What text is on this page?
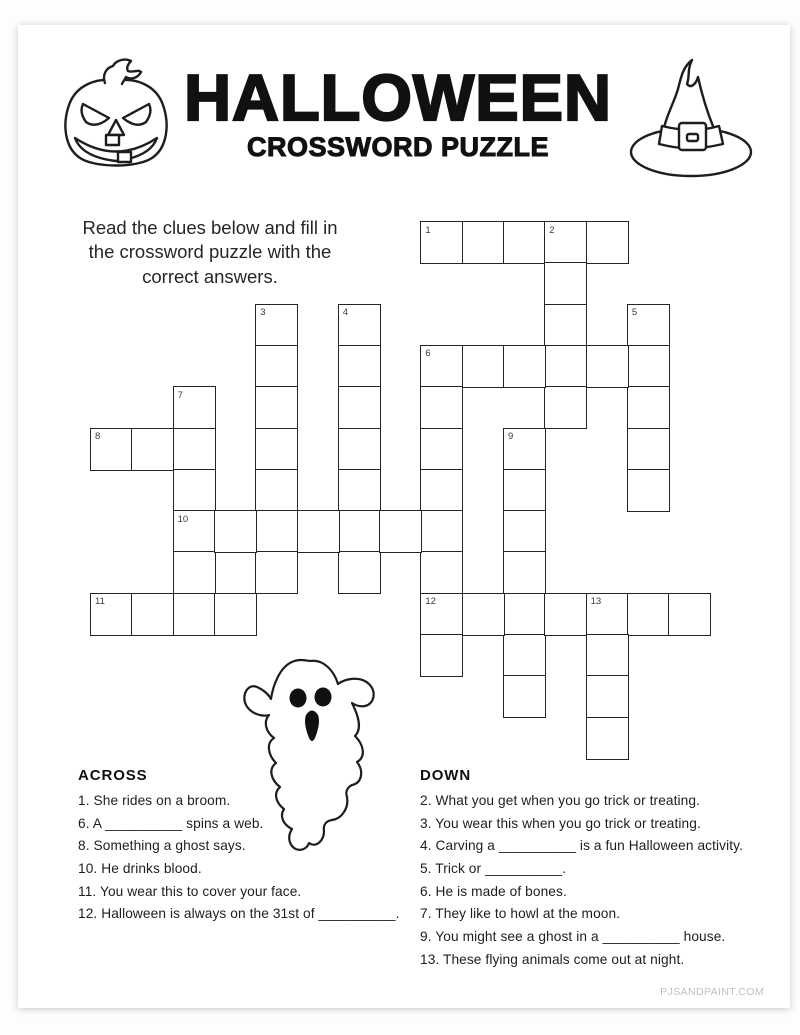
HALLOWEEN
CROSSWORD PUZZLE

Read the clues below and fill in
the crossword puzzle with the
correct answers.

1	2
3	4	5
6
7
8	9
10
11	12	13
ACROSS
1. She rides on a broom.
6. A __________ spins a web.
8. Something a ghost says.
10. He drinks blood.
11. You wear this to cover your face.
12. Halloween is always on the 31st of __________.
DOWN
2. What you get when you go trick or treating.
3. You wear this when you go trick or treating.
4. Carving a __________ is a fun Halloween activity.
5. Trick or __________.
6. He is made of bones.
7. They like to howl at the moon.
9. You might see a ghost in a __________ house.
13. These flying animals come out at night.
PJSANDPAINT.COM
